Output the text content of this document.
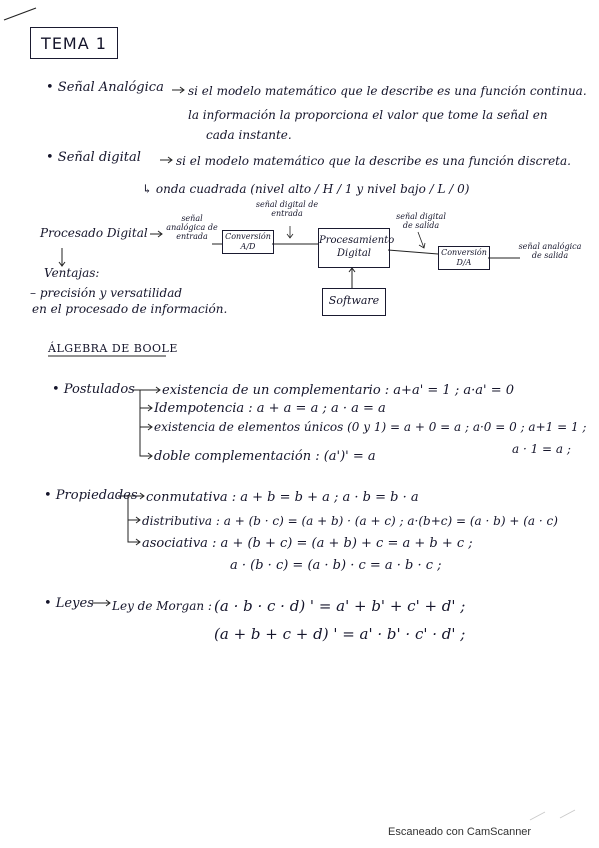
TEMA 1
• Señal Analógica si el modelo matemático que le describe es una función continua.
la información la proporciona el valor que tome la señal en
cada instante.
• Señal digital	si el modelo matemático que la describe es una función discreta.
↳ onda cuadrada (nivel alto / H / 1 y nivel bajo / L / 0)
Procesado Digital
señal analógica de entrada
señal digital de entrada	señal digital de salida
señal analógica de salida
Conversión A/D
Procesamiento Digital	Conversión D/A
Software
Ventajas:
– precisión y versatilidad
en el procesado de información.
ÁLGEBRA DE BOOLE
• Postulados existencia de un complementario : a+a' = 1 ; a·a' = 0
Idempotencia : a + a = a ; a · a = a
existencia de elementos únicos (0 y 1) = a + 0 = a ; a·0 = 0 ; a+1 = 1 ;
doble complementación : (a')' = a	a · 1 = a ;
• Propiedades conmutativa : a + b = b + a ; a · b = b · a
distributiva : a + (b · c) = (a + b) · (a + c) ; a·(b+c) = (a · b) + (a · c)
asociativa : a + (b + c) = (a + b) + c = a + b + c ;
a · (b · c) = (a · b) · c = a · b · c ;
• Leyes Ley de Morgan : (a · b · c · d) ' = a' + b' + c' + d' ;
(a + b + c + d) ' = a' · b' · c' · d' ;
Escaneado con CamScanner
